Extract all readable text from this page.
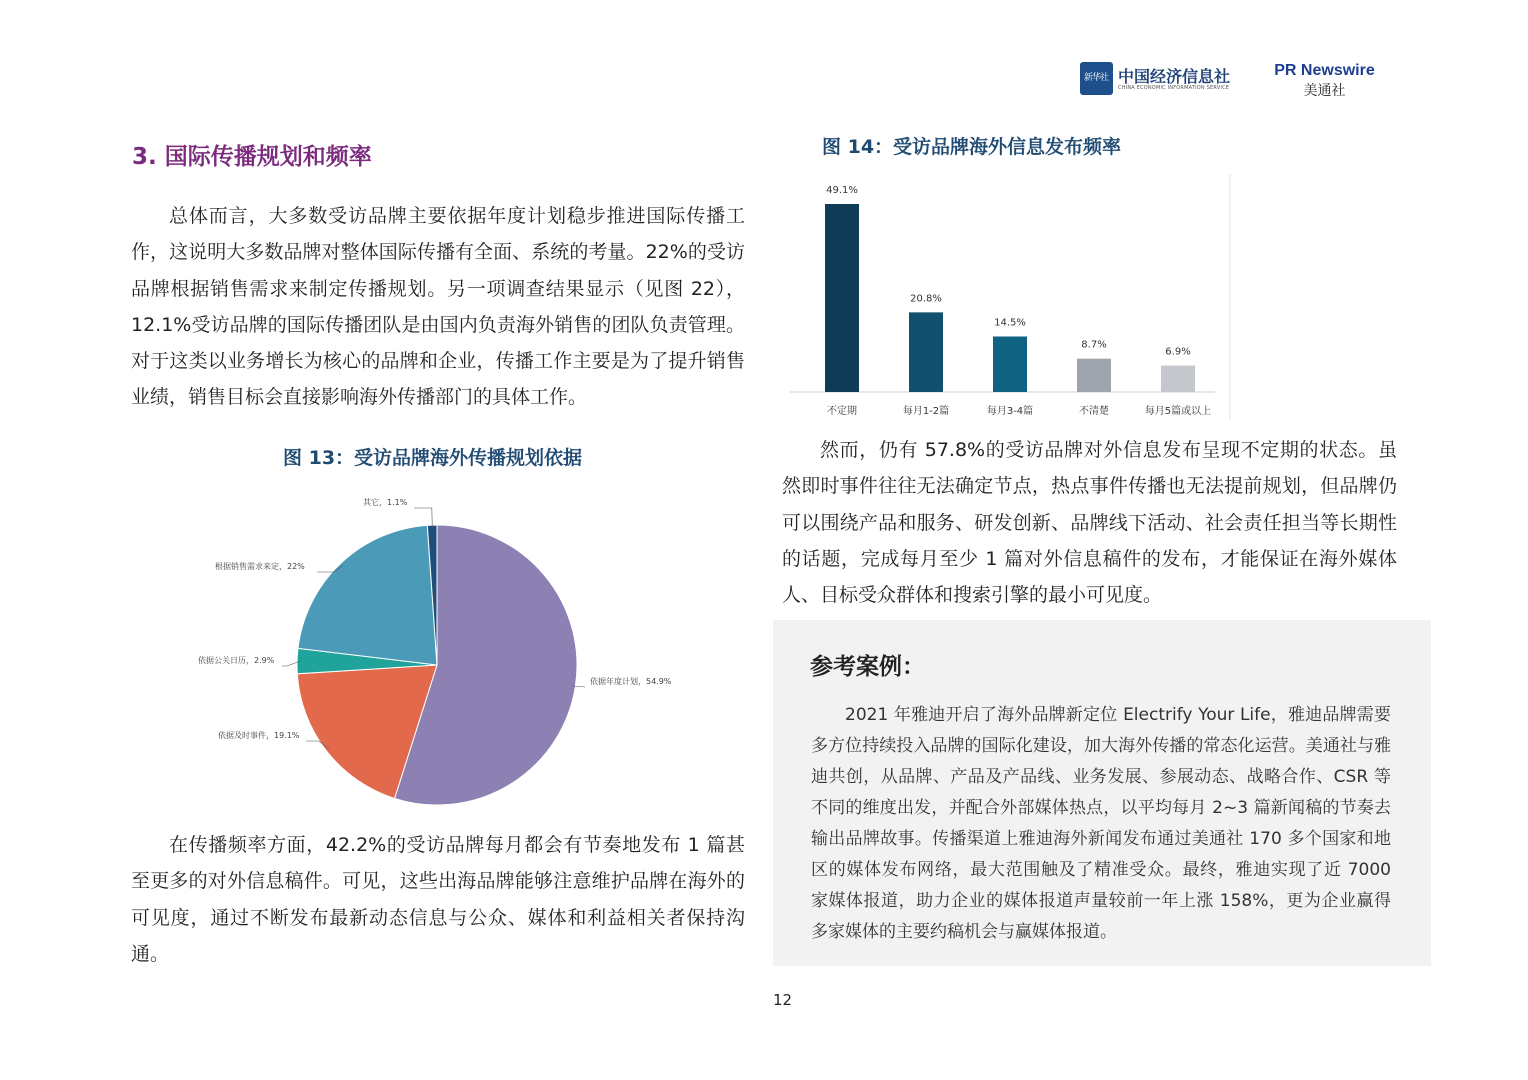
新华社 中国经济信息社
CHINA ECONOMIC INFORMATION SERVICE
PR Newswire
美通社
3. 国际传播规划和频率
总体而言，大多数受访品牌主要依据年度计划稳步推进国际传播工作，这说明大多数品牌对整体国际传播有全面、系统的考量。22%的受访品牌根据销售需求来制定传播规划。另一项调查结果显示（见图 22），12.1%受访品牌的国际传播团队是由国内负责海外销售的团队负责管理。对于这类以业务增长为核心的品牌和企业，传播工作主要是为了提升销售业绩，销售目标会直接影响海外传播部门的具体工作。
图 13：受访品牌海外传播规划依据
依据年度计划，54.9%
依据及时事件，19.1%
依据公关日历，2.9%
根据销售需求来定，22%
其它，1.1%
在传播频率方面，42.2%的受访品牌每月都会有节奏地发布 1 篇甚至更多的对外信息稿件。可见，这些出海品牌能够注意维护品牌在海外的可见度，通过不断发布最新动态信息与公众、媒体和利益相关者保持沟通。
图 14：受访品牌海外信息发布频率
49.1%
不定期
20.8%
每月1-2篇
14.5%
每月3-4篇
8.7%
不清楚
6.9%
每月5篇或以上
然而，仍有 57.8%的受访品牌对外信息发布呈现不定期的状态。虽然即时事件往往无法确定节点，热点事件传播也无法提前规划，但品牌仍可以围绕产品和服务、研发创新、品牌线下活动、社会责任担当等长期性的话题，完成每月至少 1 篇对外信息稿件的发布，才能保证在海外媒体人、目标受众群体和搜索引擎的最小可见度。
参考案例：
2021 年雅迪开启了海外品牌新定位 Electrify Your Life，雅迪品牌需要多方位持续投入品牌的国际化建设，加大海外传播的常态化运营。美通社与雅迪共创，从品牌、产品及产品线、业务发展、参展动态、战略合作、CSR 等不同的维度出发，并配合外部媒体热点，以平均每月 2~3 篇新闻稿的节奏去输出品牌故事。传播渠道上雅迪海外新闻发布通过美通社 170 多个国家和地区的媒体发布网络，最大范围触及了精准受众。最终，雅迪实现了近 7000 家媒体报道，助力企业的媒体报道声量较前一年上涨 158%，更为企业赢得多家媒体的主要约稿机会与赢媒体报道。
12
